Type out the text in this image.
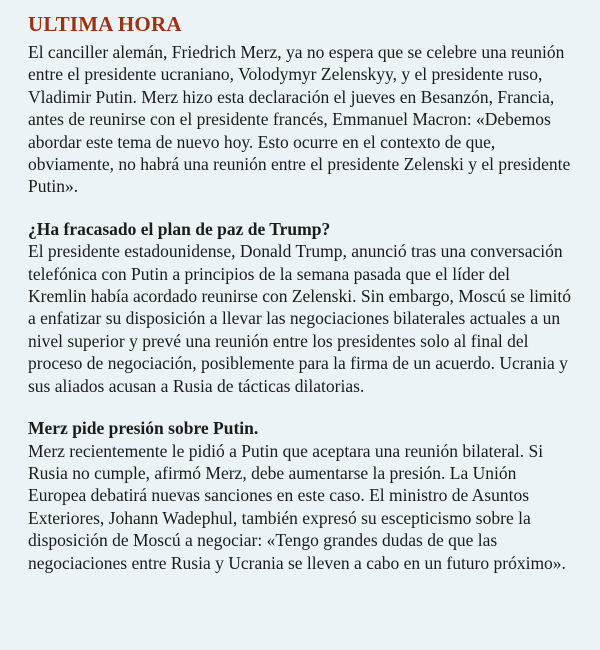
ULTIMA HORA

El canciller alemán, Friedrich Merz, ya no espera que se celebre una reunión entre el presidente ucraniano, Volodymyr Zelenskyy, y el presidente ruso, Vladimir Putin. Merz hizo esta declaración el jueves en Besanzón, Francia, antes de reunirse con el presidente francés, Emmanuel Macron: «Debemos abordar este tema de nuevo hoy. Esto ocurre en el contexto de que, obviamente, no habrá una reunión entre el presidente Zelenski y el presidente Putin».

¿Ha fracasado el plan de paz de Trump?

El presidente estadounidense, Donald Trump, anunció tras una conversación telefónica con Putin a principios de la semana pasada que el líder del Kremlin había acordado reunirse con Zelenski. Sin embargo, Moscú se limitó a enfatizar su disposición a llevar las negociaciones bilaterales actuales a un nivel superior y prevé una reunión entre los presidentes solo al final del proceso de negociación, posiblemente para la firma de un acuerdo. Ucrania y sus aliados acusan a Rusia de tácticas dilatorias.

Merz pide presión sobre Putin.

Merz recientemente le pidió a Putin que aceptara una reunión bilateral. Si Rusia no cumple, afirmó Merz, debe aumentarse la presión. La Unión Europea debatirá nuevas sanciones en este caso. El ministro de Asuntos Exteriores, Johann Wadephul, también expresó su escepticismo sobre la disposición de Moscú a negociar: «Tengo grandes dudas de que las negociaciones entre Rusia y Ucrania se lleven a cabo en un futuro próximo».
